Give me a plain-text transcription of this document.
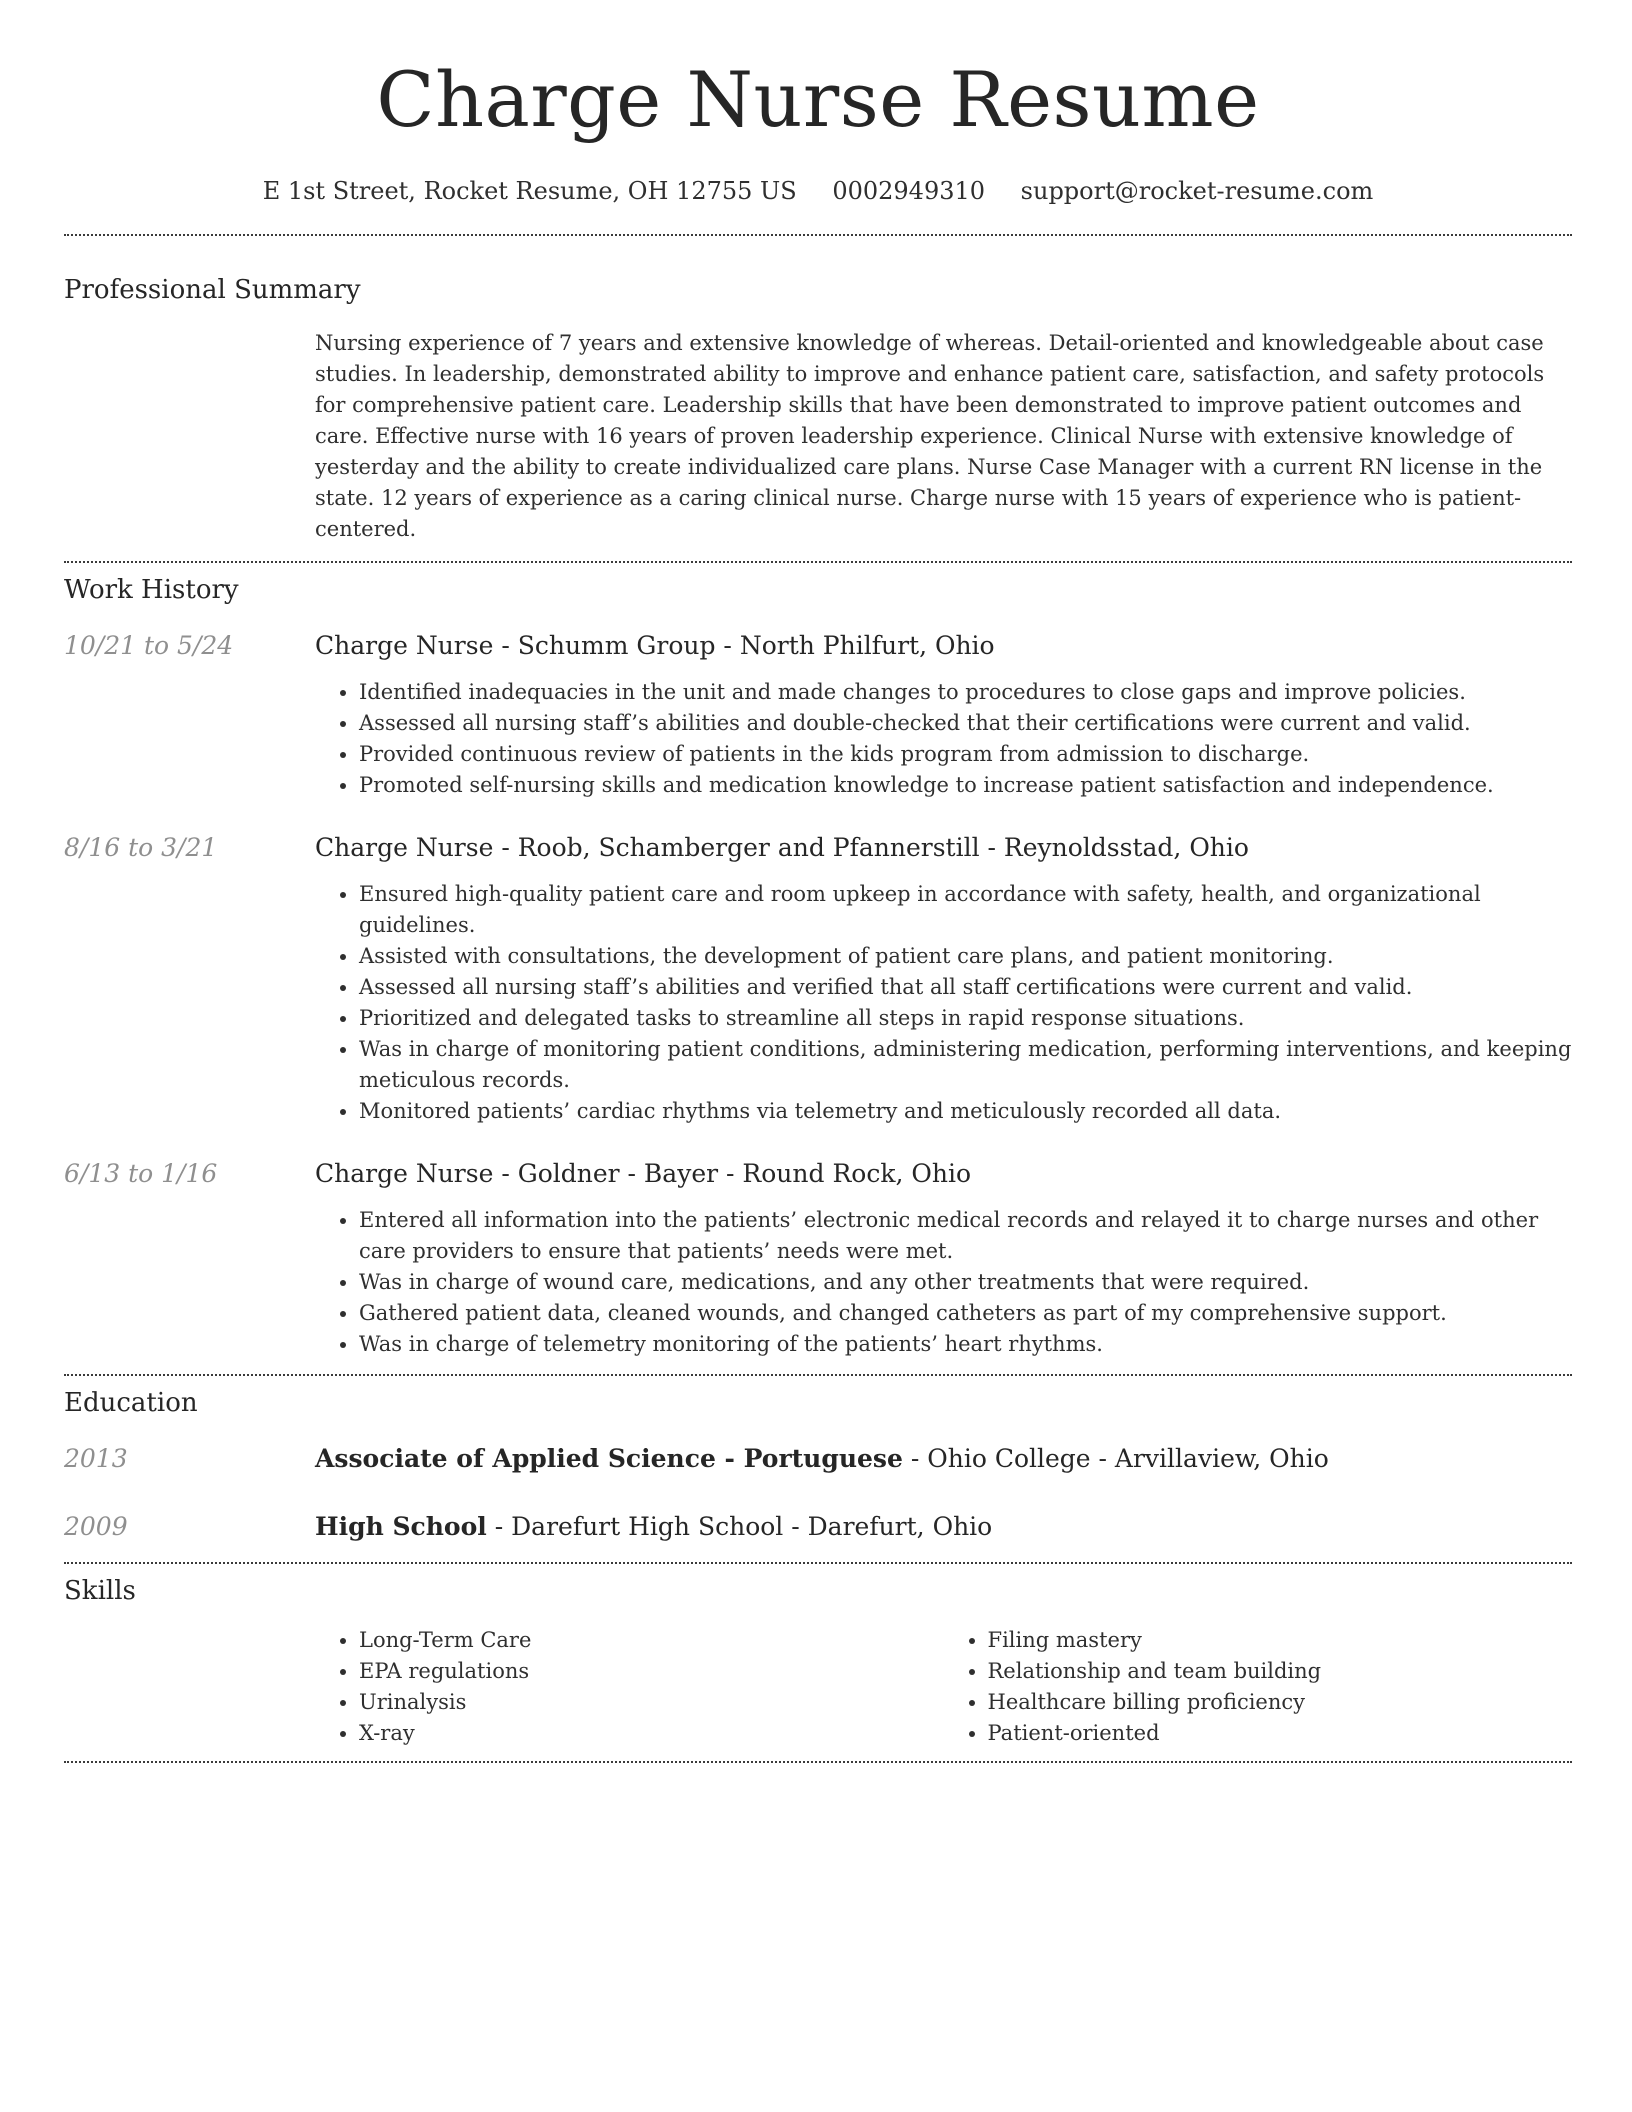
Charge Nurse Resume
E 1st Street, Rocket Resume, OH 12755 US 0002949310 support@rocket-resume.com
Professional Summary
Nursing experience of 7 years and extensive knowledge of whereas. Detail-oriented and knowledgeable about case studies. In leadership, demonstrated ability to improve and enhance patient care, satisfaction, and safety protocols for comprehensive patient care. Leadership skills that have been demonstrated to improve patient outcomes and care. Effective nurse with 16 years of proven leadership experience. Clinical Nurse with extensive knowledge of yesterday and the ability to create individualized care plans. Nurse Case Manager with a current RN license in the state. 12 years of experience as a caring clinical nurse. Charge nurse with 15 years of experience who is patient-centered.
Work History
10/21 to 5/24	Charge Nurse - Schumm Group - North Philfurt, Ohio
• Identified inadequacies in the unit and made changes to procedures to close gaps and improve policies.
• Assessed all nursing staff’s abilities and double-checked that their certifications were current and valid.
• Provided continuous review of patients in the kids program from admission to discharge.
• Promoted self-nursing skills and medication knowledge to increase patient satisfaction and independence.
8/16 to 3/21	Charge Nurse - Roob, Schamberger and Pfannerstill - Reynoldsstad, Ohio
• Ensured high-quality patient care and room upkeep in accordance with safety, health, and organizational guidelines.
• Assisted with consultations, the development of patient care plans, and patient monitoring.
• Assessed all nursing staff’s abilities and verified that all staff certifications were current and valid.
• Prioritized and delegated tasks to streamline all steps in rapid response situations.
• Was in charge of monitoring patient conditions, administering medication, performing interventions, and keeping meticulous records.
• Monitored patients’ cardiac rhythms via telemetry and meticulously recorded all data.
6/13 to 1/16	Charge Nurse - Goldner - Bayer - Round Rock, Ohio
• Entered all information into the patients’ electronic medical records and relayed it to charge nurses and other care providers to ensure that patients’ needs were met.
• Was in charge of wound care, medications, and any other treatments that were required.
• Gathered patient data, cleaned wounds, and changed catheters as part of my comprehensive support.
• Was in charge of telemetry monitoring of the patients’ heart rhythms.
Education
2013	Associate of Applied Science - Portuguese - Ohio College - Arvillaview, Ohio
2009	High School - Darefurt High School - Darefurt, Ohio
Skills
• Long-Term Care
• EPA regulations
• Urinalysis
• X-ray
• Filing mastery
• Relationship and team building
• Healthcare billing proficiency
• Patient-oriented
